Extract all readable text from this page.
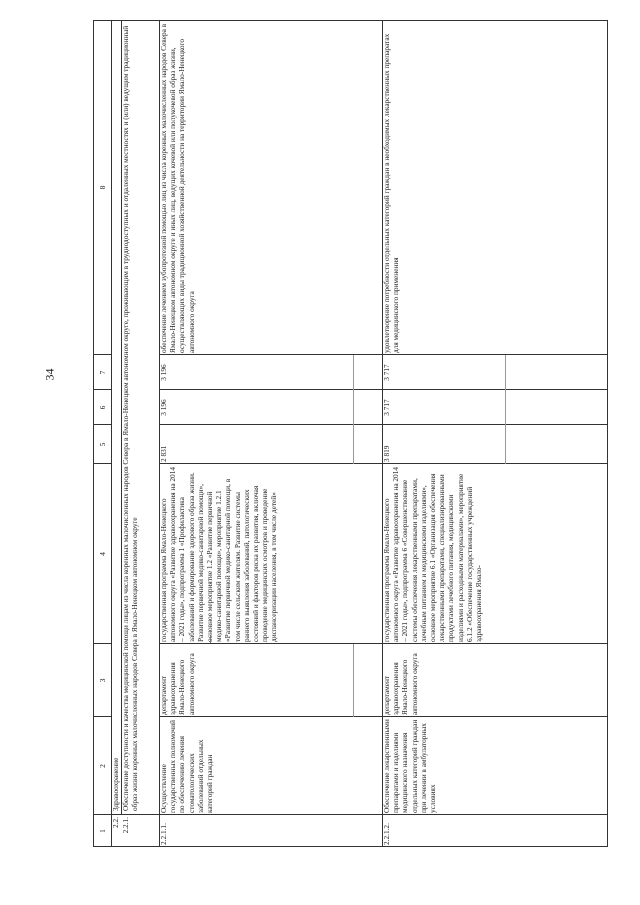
34
1
2
3
4
5
6
7
8
2.2.
Здравоохранение
2.2.1.
Обеспечение доступности и качества медицинской помощи лицам из числа коренных малочисленных народов Севера в Ямало-Ненецком автономном округе, проживающим в труднодоступных и отдаленных местностях и (или) ведущим традиционный образ жизни коренных малочисленных народов Севера в Ямало-Ненецком автономном округе
2.2.1.1.
Осуществление государственных полномочий по обеспечению лечения стоматологических заболеваний отдельных категорий граждан
департамент здравоохранения Ямало-Ненецкого автономного округа
государственная программа Ямало-Ненецкого автономного округа «Развитие здравоохранения на 2014 – 2021 годы», подпрограмма 1 «Профилактика заболеваний и формирование здорового образа жизни. Развитие первичной медико-санитарной помощи», основное мероприятие 1.2 «Развитие первичной медико-санитарной помощи», мероприятие 1.2.1 «Развитие первичной медико-санитарной помощи, в том числе сельским жителям. Развитие системы раннего выявления заболеваний, патологических состояний и факторов риска их развития, включая проведение медицинских осмотров и проведение диспансеризации населения, в том числе детей»
2 831
3 196
3 196
обеспечение лечением зубопротезной помощью лиц из числа коренных малочисленных народов Севера в Ямало-Ненецком автономном округе и иных лиц, ведущих кочевой или полукочевой образ жизни, осуществляющих виды традиционной хозяйственной деятельности на территории Ямало-Ненецкого автономного округа
2.2.1.2.
Обеспечение лекарственными препаратами и изделиями медицинского назначения отдельных категорий граждан при лечении в амбулаторных условиях
департамент здравоохранения Ямало-Ненецкого автономного округа
государственная программа Ямало-Ненецкого автономного округа «Развитие здравоохранения на 2014 – 2021 годы», подпрограмма 6 «Совершенствование системы обеспечения лекарственными препаратами, лечебным питанием и медицинскими изделиями», основное мероприятие 6.1 «Организация обеспечения лекарственными препаратами, специализированными продуктами лечебного питания, медицинскими изделиями и расходными материалами», мероприятие 6.1.2 «Обеспечение государственных учреждений здравоохранения Ямало-
3 819
3 717
3 717
удовлетворение потребности отдельных категорий граждан в необходимых лекарственных препаратах для медицинского применения
